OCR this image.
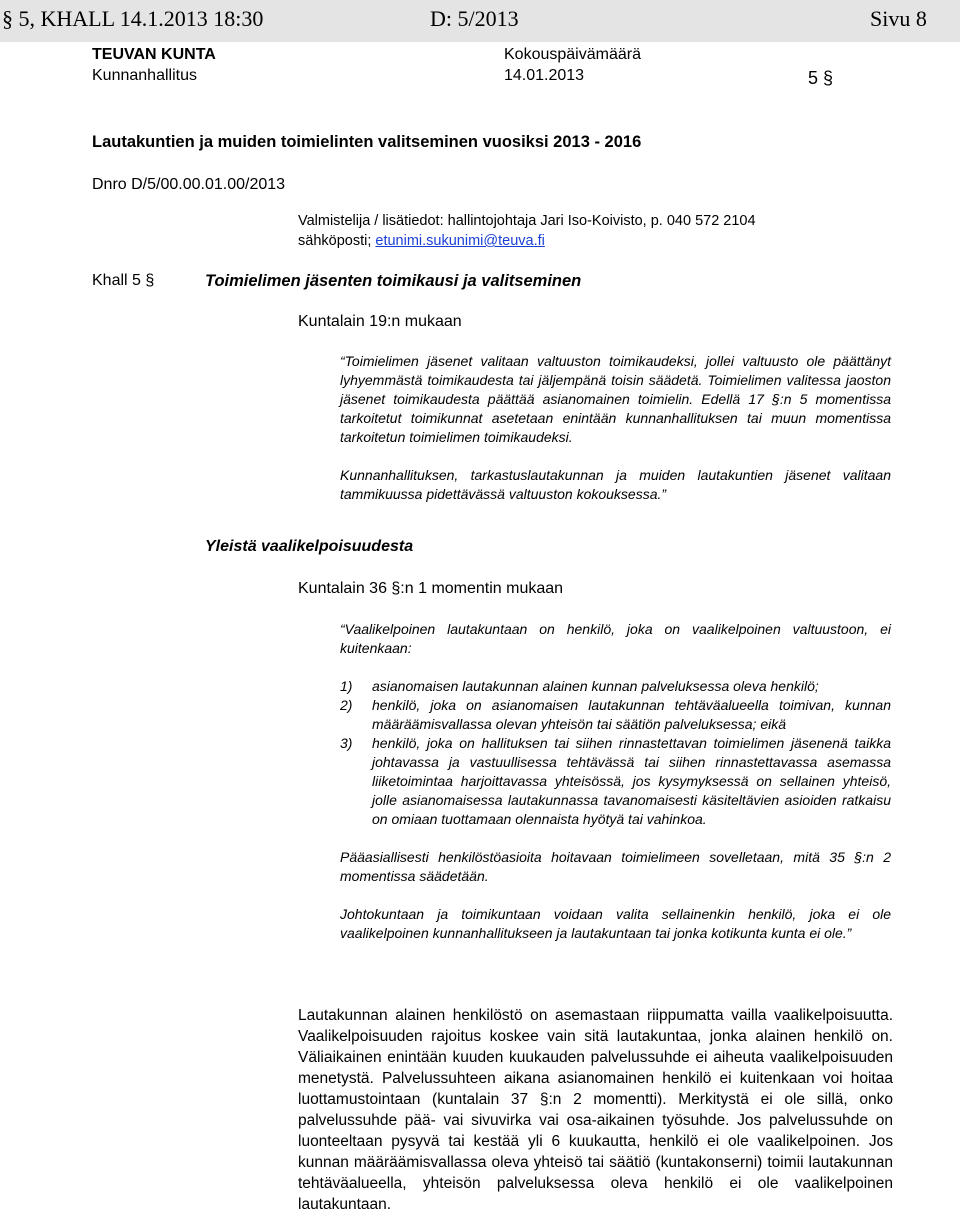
§ 5, KHALL 14.1.2013 18:30	D: 5/2013	Sivu 8
TEUVAN KUNTA
Kunnanhallitus
Kokouspäivämäärä
14.01.2013	5 §
Lautakuntien ja muiden toimielinten valitseminen vuosiksi 2013 - 2016
Dnro D/5/00.00.01.00/2013
Valmistelija / lisätiedot: hallintojohtaja Jari Iso-Koivisto, p. 040 572 2104
sähköposti; etunimi.sukunimi@teuva.fi
Khall 5 §	Toimielimen jäsenten toimikausi ja valitseminen
Kuntalain 19:n mukaan

“Toimielimen jäsenet valitaan valtuuston toimikaudeksi, jollei valtuusto ole päättänyt lyhyemmästä toimikaudesta tai jäljempänä toisin säädetä. Toimielimen valitessa jaoston jäsenet toimikaudesta päättää asianomainen toimielin. Edellä 17 §:n 5 momentissa tarkoitetut toimikunnat asetetaan enintään kunnanhallituksen tai muun momentissa tarkoitetun toimielimen toimikaudeksi.

Kunnanhallituksen, tarkastuslautakunnan ja muiden lautakuntien jäsenet valitaan tammikuussa pidettävässä valtuuston kokouksessa.”

Yleistä vaalikelpoisuudesta
Kuntalain 36 §:n 1 momentin mukaan

“Vaalikelpoinen lautakuntaan on henkilö, joka on vaalikelpoinen valtuustoon, ei kuitenkaan:

1)	asianomaisen lautakunnan alainen kunnan palveluksessa oleva henkilö;
2)	henkilö, joka on asianomaisen lautakunnan tehtäväalueella toimivan, kunnan määräämisvallassa olevan yhteisön tai säätiön palveluksessa; eikä
3)	henkilö, joka on hallituksen tai siihen rinnastettavan toimielimen jäsenenä taikka johtavassa ja vastuullisessa tehtävässä tai siihen rinnastettavassa asemassa liiketoimintaa harjoittavassa yhteisössä, jos kysymyksessä on sellainen yhteisö, jolle asianomaisessa lautakunnassa tavanomaisesti käsiteltävien asioiden ratkaisu on omiaan tuottamaan olennaista hyötyä tai vahinkoa.

Pääasiallisesti henkilöstöasioita hoitavaan toimielimeen sovelletaan, mitä 35 §:n 2 momentissa säädetään.

Johtokuntaan ja toimikuntaan voidaan valita sellainenkin henkilö, joka ei ole vaalikelpoinen kunnanhallitukseen ja lautakuntaan tai jonka kotikunta kunta ei ole.”

Lautakunnan alainen henkilöstö on asemastaan riippumatta vailla vaalikelpoisuutta. Vaalikelpoisuuden rajoitus koskee vain sitä lautakuntaa, jonka alainen henkilö on. Väliaikainen enintään kuuden kuukauden palvelussuhde ei aiheuta vaalikelpoisuuden menetystä. Palvelussuhteen aikana asianomainen henkilö ei kuitenkaan voi hoitaa luottamustointaan (kuntalain 37 §:n 2 momentti). Merkitystä ei ole sillä, onko palvelussuhde pää- vai sivuvirka vai osa-aikainen työsuhde. Jos palvelussuhde on luonteeltaan pysyvä tai kestää yli 6 kuukautta, henkilö ei ole vaalikelpoinen. Jos kunnan määräämisvallassa oleva yhteisö tai säätiö (kuntakonserni) toimii lautakunnan tehtäväalueella, yhteisön palveluksessa oleva henkilö ei ole vaalikelpoinen lautakuntaan.
